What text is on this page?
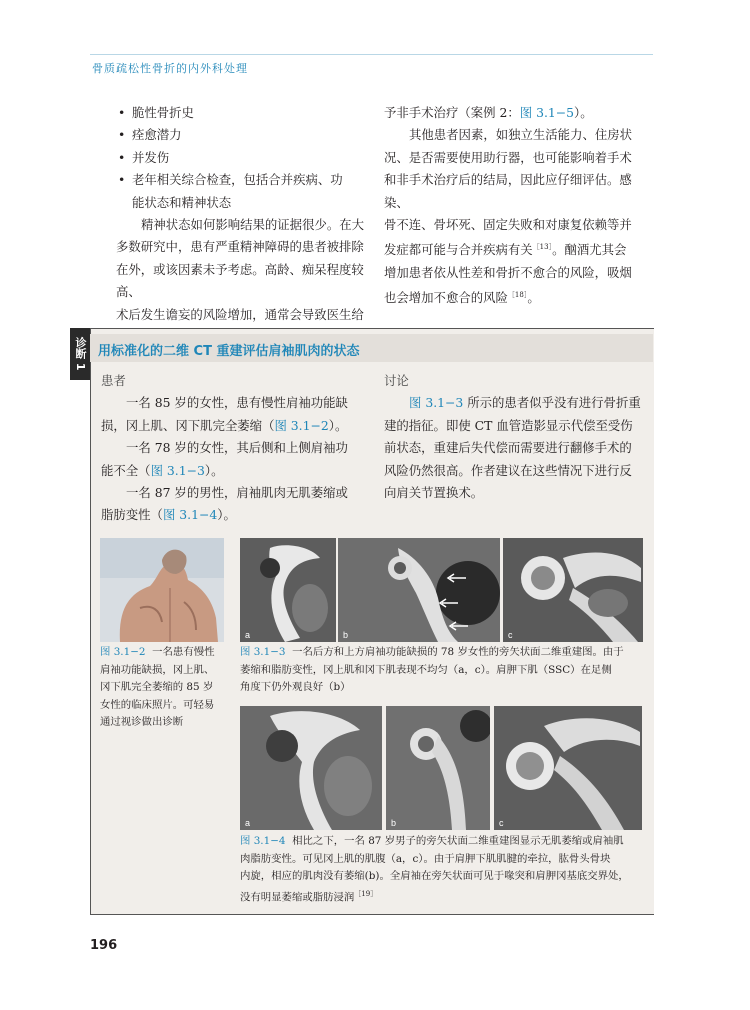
骨质疏松性骨折的内外科处理
• 脆性骨折史
• 痊愈潜力
• 并发伤
• 老年相关综合检查，包括合并疾病、功
能状态和精神状态
精神状态如何影响结果的证据很少。在大
多数研究中，患有严重精神障碍的患者被排除
在外，或该因素未予考虑。高龄、痴呆程度较高、
术后发生谵妄的风险增加，通常会导致医生给
予非手术治疗（案例 2：图 3.1−5）。
其他患者因素，如独立生活能力、住房状
况、是否需要使用助行器，也可能影响着手术
和非手术治疗后的结局，因此应仔细评估。感染、
骨不连、骨坏死、固定失败和对康复依赖等并
发症都可能与合并疾病有关$^{[13]}$。酗酒尤其会
增加患者依从性差和骨折不愈合的风险，吸烟
也会增加不愈合的风险$^{[18]}$。
诊断 1 用标准化的二维 CT 重建评估肩袖肌肉的状态
患者
一名 85 岁的女性，患有慢性肩袖功能缺
损，冈上肌、冈下肌完全萎缩（图 3.1−2）。
一名 78 岁的女性，其后侧和上侧肩袖功
能不全（图 3.1−3）。
一名 87 岁的男性，肩袖肌肉无肌萎缩或
脂肪变性（图 3.1−4）。
讨论
图 3.1−3 所示的患者似乎没有进行骨折重
建的指征。即使 CT 血管造影显示代偿至受伤
前状态，重建后失代偿而需要进行翻修手术的
风险仍然很高。作者建议在这些情况下进行反
向肩关节置换术。
图 3.1−2 一名患有慢性
肩袖功能缺损，冈上肌、
冈下肌完全萎缩的 85 岁
女性的临床照片。可轻易
通过视诊做出诊断
a	b	c
图 3.1−3 一名后方和上方肩袖功能缺损的 78 岁女性的旁矢状面二维重建图。由于
萎缩和脂肪变性，冈上肌和冈下肌表现不均匀（a，c）。肩胛下肌（SSC）在足侧
角度下仍外观良好（b）
a	b	c
图 3.1−4 相比之下，一名 87 岁男子的旁矢状面二维重建图显示无肌萎缩或肩袖肌
肉脂肪变性。可见冈上肌的肌腹（a，c）。由于肩胛下肌肌腱的牵拉，肱骨头骨块
内旋，相应的肌肉没有萎缩(b)。全肩袖在旁矢状面可见于喙突和肩胛冈基底交界处，
没有明显萎缩或脂肪浸润$^{[19]}$
196
